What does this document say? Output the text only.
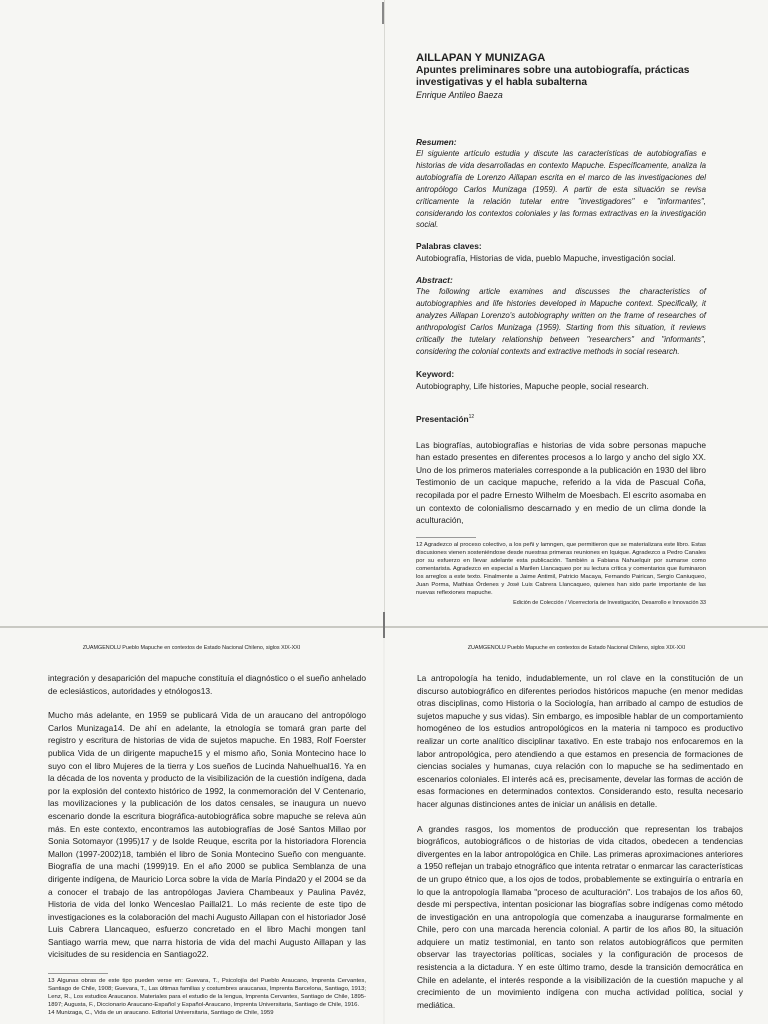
AILLAPAN Y MUNIZAGA
Apuntes preliminares sobre una autobiografía, prácticas investigativas y el habla subalterna
Enrique Antileo Baeza
Resumen:

El siguiente artículo estudia y discute las características de autobiografías e historias de vida desarrolladas en contexto Mapuche. Específicamente, analiza la autobiografía de Lorenzo Aillapan escrita en el marco de las investigaciones del antropólogo Carlos Munizaga (1959). A partir de esta situación se revisa críticamente la relación tutelar entre "investigadores" e "informantes", considerando los contextos coloniales y las formas extractivas en la investigación social.

Palabras claves:

Autobiografía, Historias de vida, pueblo Mapuche, investigación social.

Abstract:

The following article examines and discusses the characteristics of autobiographies and life histories developed in Mapuche context. Specifically, it analyzes Aillapan Lorenzo's autobiography written on the frame of researches of anthropologist Carlos Munizaga (1959). Starting from this situation, it reviews critically the tutelary relationship between "researchers" and "informants", considering the colonial contexts and extractive methods in social research.

Keyword:

Autobiography, Life histories, Mapuche people, social research.

Presentación$^{12}$

Las biografías, autobiografías e historias de vida sobre personas mapuche han estado presentes en diferentes procesos a lo largo y ancho del siglo XX. Uno de los primeros materiales corresponde a la publicación en 1930 del libro Testimonio de un cacique mapuche, referido a la vida de Pascual Coña, recopilada por el padre Ernesto Wilhelm de Moesbach. El escrito asomaba en un contexto de colonialismo descarnado y en medio de un clima donde la aculturación,

12 Agradezco al proceso colectivo, a los peñi y lamngen, que permitieron que se materializara este libro. Estas discusiones vienen sosteniéndose desde nuestras primeras reuniones en Iquique. Agradezco a Pedro Canales por su esfuerzo en llevar adelante esta publicación. También a Fabiana Nahuelquir por sumarse como comentarista. Agradezco en especial a Marilen Llancaqueo por su lectura crítica y comentarios que iluminaron los arreglos a este texto. Finalmente a Jaime Antimil, Patricio Macaya, Fernando Pairican, Sergio Caniuqueo, Juan Porma, Mathias Órdenes y José Luis Cabrera Llancaqueo, quienes han sido parte importante de las nuevas reflexiones mapuche.

Edición de Colección / Vicerrectoría de Investigación, Desarrollo e Innovación 33
ZUAMGENOLU Pueblo Mapuche en contextos de Estado Nacional Chileno, siglos XIX-XXI

integración y desaparición del mapuche constituía el diagnóstico o el sueño anhelado de eclesiásticos, autoridades y etnólogos13.

Mucho más adelante, en 1959 se publicará Vida de un araucano del antropólogo Carlos Munizaga14. De ahí en adelante, la etnología se tomará gran parte del registro y escritura de historias de vida de sujetos mapuche. En 1983, Rolf Foerster publica Vida de un dirigente mapuche15 y el mismo año, Sonia Montecino hace lo suyo con el libro Mujeres de la tierra y Los sueños de Lucinda Nahuelhual16. Ya en la década de los noventa y producto de la visibilización de la cuestión indígena, dada por la explosión del contexto histórico de 1992, la conmemoración del V Centenario, las movilizaciones y la publicación de los datos censales, se inaugura un nuevo escenario donde la escritura biográfica-autobiográfica sobre mapuche se releva aún más. En este contexto, encontramos las autobiografías de José Santos Millao por Sonia Sotomayor (1995)17 y de Isolde Reuque, escrita por la historiadora Florencia Mallon (1997-2002)18, también el libro de Sonia Montecino Sueño con menguante. Biografía de una machi (1999)19. En el año 2000 se publica Semblanza de una dirigente indígena, de Mauricio Lorca sobre la vida de María Pinda20 y el 2004 se da a conocer el trabajo de las antropólogas Javiera Chambeaux y Paulina Pavéz, Historia de vida del lonko Wenceslao Paillal21. Lo más reciente de este tipo de investigaciones es la colaboración del machi Augusto Aillapan con el historiador José Luis Cabrera Llancaqueo, esfuerzo concretado en el libro Machi mongen tanI Santiago warria mew, que narra historia de vida del machi Augusto Aillapan y las vicisitudes de su residencia en Santiago22.

13 Algunas obras de este tipo pueden verse en: Guevara, T., Psicolojía del Pueblo Araucano, Imprenta Cervantes, Santiago de Chile, 1908; Guevara, T., Las últimas familias y costumbres araucanas, Imprenta Barcelona, Santiago, 1913; Lenz, R., Los estudios Araucanos. Materiales para el estudio de la lengua, Imprenta Cervantes, Santiago de Chile, 1895-1897; Augusta, F., Diccionario Araucano-Español y Español-Araucano, Imprenta Universitaria, Santiago de Chile, 1916.

14 Munizaga, C., Vida de un araucano. Editorial Universitaria, Santiago de Chile, 1959

ZUAMGENOLU Pueblo Mapuche en contextos de Estado Nacional Chileno, siglos XIX-XXI

La antropología ha tenido, indudablemente, un rol clave en la constitución de un discurso autobiográfico en diferentes periodos históricos mapuche (en menor medidas otras disciplinas, como Historia o la Sociología, han arribado al campo de estudios de sujetos mapuche y sus vidas). Sin embargo, es imposible hablar de un comportamiento homogéneo de los estudios antropológicos en la materia ni tampoco es productivo realizar un corte analítico disciplinar taxativo. En este trabajo nos enfocaremos en la labor antropológica, pero atendiendo a que estamos en presencia de formaciones de ciencias sociales y humanas, cuya relación con lo mapuche se ha sedimentado en escenarios coloniales. El interés acá es, precisamente, develar las formas de acción de esas formaciones en determinados contextos. Considerando esto, resulta necesario hacer algunas distinciones antes de iniciar un análisis en detalle.

A grandes rasgos, los momentos de producción que representan los trabajos biográficos, autobiográficos o de historias de vida citados, obedecen a tendencias divergentes en la labor antropológica en Chile. Las primeras aproximaciones anteriores a 1950 reflejan un trabajo etnográfico que intenta retratar o enmarcar las características de un grupo étnico que, a los ojos de todos, probablemente se extinguiría o entraría en lo que la antropología llamaba "proceso de aculturación". Los trabajos de los años 60, desde mi perspectiva, intentan posicionar las biografías sobre indígenas como método de investigación en una antropología que comenzaba a inaugurarse formalmente en Chile, pero con una marcada herencia colonial. A partir de los años 80, la situación adquiere un matiz testimonial, en tanto son relatos autobiográficos que permiten observar las trayectorias políticas, sociales y la configuración de procesos de resistencia a la dictadura. Y en este último tramo, desde la transición democrática en Chile en adelante, el interés responde a la visibilización de la cuestión mapuche y al crecimiento de un movimiento indígena con mucha actividad política, social y mediática.
